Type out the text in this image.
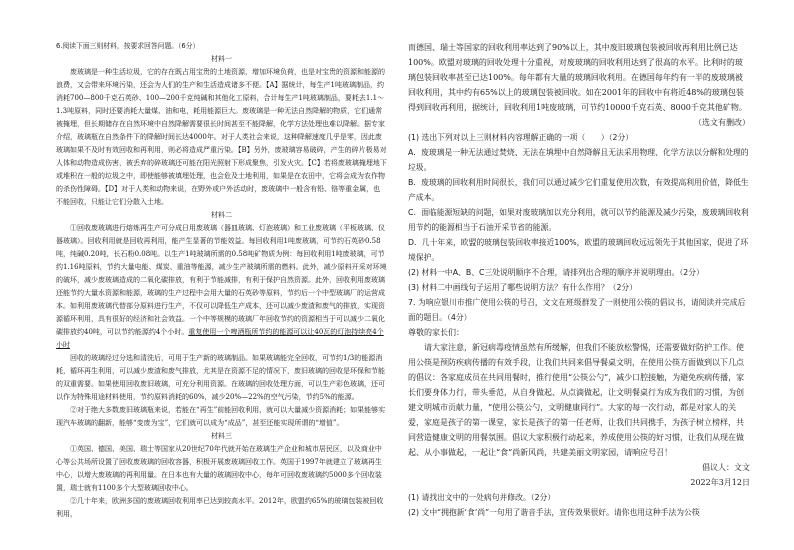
6.阅读下面三则材料，按要求回答问题。（6分）

材料一

废玻璃是一种生活垃圾，它的存在既占用宝贵的土地资源，增加环境负荷，也是对宝贵的资源和能源的浪费，又会带来环境污染，还会为人们的生产和生活造成诸多不便。【A】据统计，每生产1吨玻璃制品，约消耗700—800千克石英砂、100—200千克纯碱和其他化工原料，合计每生产1吨玻璃制品，要耗去1.1～1.3吨原料，同时还要消耗大量煤、油和电，耗用能源巨大。废玻璃是一种无法自然降解的物质，它们通常被掩埋，但长期储存在自然环境中自然降解需要很长时间甚至不能降解，化学方法处理也难以降解。据专家介绍，玻璃瓶在自然条件下的降解时间长达4000年。对于人类社会来说，这种降解速度几乎是零，因此废玻璃如果不及时有效回收和再利用，则必将造成严重污染。【B】另外，废玻璃容易破碎，产生的碎片极易对人体和动物造成伤害，被丢弃的碎玻璃还可能在阳光照射下形成聚焦，引发火灾。【C】若将废玻璃掩埋地下或堆积在一般的垃圾之中，即使能够被填埋处理，也会危及土地利用，如果是在农田中，它将会成为农作物的杀伤性障碍。【D】对于人类和动物来说，在野外或户外活动时，废玻璃中一般含有铅、铬等重金属，也不能回收，只能让它们分散入土地。

材料二

①回收废玻璃进行熔炼再生产可分成日用废玻璃（器皿玻璃、灯泡玻璃）和工业废玻璃（平板玻璃、仪器玻璃）。回收利用就是回收再利用，能产生显著的节能效益。每回收利用1吨废玻璃，可节约石英砂0.58吨，纯碱0.20吨，长石粉0.08吨。以生产1吨玻璃所需的0.58吨矿物质为例：每回收利用1吨废玻璃，可节约1.16吨原料，节约大量电能、煤炭、重油等能源，减少生产玻璃所需的燃料。此外，减少原料开采对环境的破坏，减少废玻璃造成的二氧化碳排放，有利于节能减排，有利于保护自然资源。此外，回收利用废玻璃还能节约大量水资源和能源，玻璃的生产过程中会用大量的石英砂等原料，节约后一个中型玻璃厂的运营成本。如利用废玻璃代替部分原料进行生产，不仅可以降低生产成本，还可以减少废渣和废气的排放，实现资源循环利用，具有很好的经济和社会效益。一个中等规模的玻璃厂年回收节约的资源相当于可以减少二氧化碳排放约40吨，可以节约能源约4个小时。重复使用一个啤酒瓶所节约的能源可以让40瓦的灯泡持续亮4个小时

回收的玻璃经过分选和清洗后，可用于生产新的玻璃制品。如果玻璃能完全回收，可节约1/3的能源消耗，循环再生利用，可以减少废渣和废气排放，尤其是在资源不足的情况下，废旧玻璃的回收是环保和节能的双重需要。如果使用回收废旧玻璃，可充分利用资源。在玻璃的回收处理方面，可以生产彩色玻璃，还可以作为特殊用途材料使用，节约原料消耗的60%，减少20%—22%的空气污染，节约5%的能源。

②对于绝大多数废旧玻璃瓶来说，若能在“再生”前能回收利用，就可以大量减少资源消耗；如果能够实现汽车玻璃的翻新，能够“变废为宝”，它们就可以成为“成品”，甚至还能实现所谓的“增值”。

材料三

①英国、德国、美国、瑞士等国家从20世纪70年代就开始在玻璃生产企业和城市居民区，以及商业中心等公共场所设置了回收废玻璃的回收容器，积极开展废玻璃回收工作。英国于1997年就建立了玻璃再生中心，以增大废玻璃的再利用量。在日本也有大量的玻璃回收中心，每年可回收废玻璃约5000多个回收装置，瑞士就有1100多个大型玻璃回收中心。

②几十年来，欧洲多国的废玻璃回收利用率已达到较高水平。2012年，欧盟约65%的玻璃包装被回收利用，

而德国、瑞士等国家的回收利用率达到了90%以上，其中废旧玻璃包装被回收再利用比例已达100%。欧盟对玻璃的回收处理十分重视，对废玻璃的回收利用达到了很高的水平。比利时的玻璃包装回收率甚至已达100%。每年都有大量的玻璃回收利用。在德国每年约有一半的废玻璃被回收利用，其中约有65%以上的玻璃包装被回收。如在2001年的回收中有将近48%的玻璃包装得到回收再利用，据统计，回收利用1吨废玻璃，可节约10000千克石英、8000千克其他矿物。

（选文有删改）

(1) 选出下列对以上三则材料内容理解正确的一项（　　）（2分）

A．废玻璃是一种无法通过焚烧、无法在填埋中自然降解且无法采用物理、化学方法以分解和处理的垃圾。

B．废玻璃的回收利用时间很长，我们可以通过减少它们重复使用次数，有效提高利用价值，降低生产成本。

C．面临能源短缺的问题，如果对废玻璃加以充分利用，就可以节约能源及减少污染，废玻璃回收利用节约的能源相当于石油开采节省的能源。

D．几十年来，欧盟的玻璃包装回收率接近100%，欧盟的玻璃回收远远领先于其他国家，促进了环境保护。

(2) 材料一中A、B、C三处说明顺序不合理，请排列出合理的顺序并说明理由。（2分）

(3) 材料二中画线句子运用了哪些说明方法？有什么作用？（2分）

7. 为响应银川市推广使用公筷的号召，文文在班级群发了一则使用公筷的倡议书，请阅读并完成后面的题目。（4分）

尊敬的家长们：

请大家注意，新冠病毒疫情虽然有所缓解，但我们不能放松警惕，还需要做好防护工作。使用公筷是预防疾病传播的有效手段，让我们共同来倡导餐桌文明，在使用公筷方面做到以下几点的倡议：各家庭成员在共同用餐时，推行使用“公筷公勺”，减少口腔接触，为避免疾病传播，家长们要身体力行，带头垂范，从自身做起、从点滴做起，让文明餐桌行为成为我们的习惯，为创建文明城市贡献力量，“使用公筷公勺，文明健康同行”。大家的每一次行动，都是对家人的关爱，家庭是孩子的第一课堂，家长是孩子的第一任老师，让我们共同携手，为孩子树立榜样，共同营造健康文明的用餐氛围。倡议大家积极行动起来，养成使用公筷的好习惯，让我们从现在做起、从小事做起，一起让“食”尚新风尚，共建美丽文明家园，请响应号召！

倡议人：文文

2022年3月12日

(1) 请找出文中的一处病句并修改。（2分）

(2) 文中“拥抱新‘食’尚”一句用了谐音手法，宣传效果很好。请你也用这种手法为公筷
